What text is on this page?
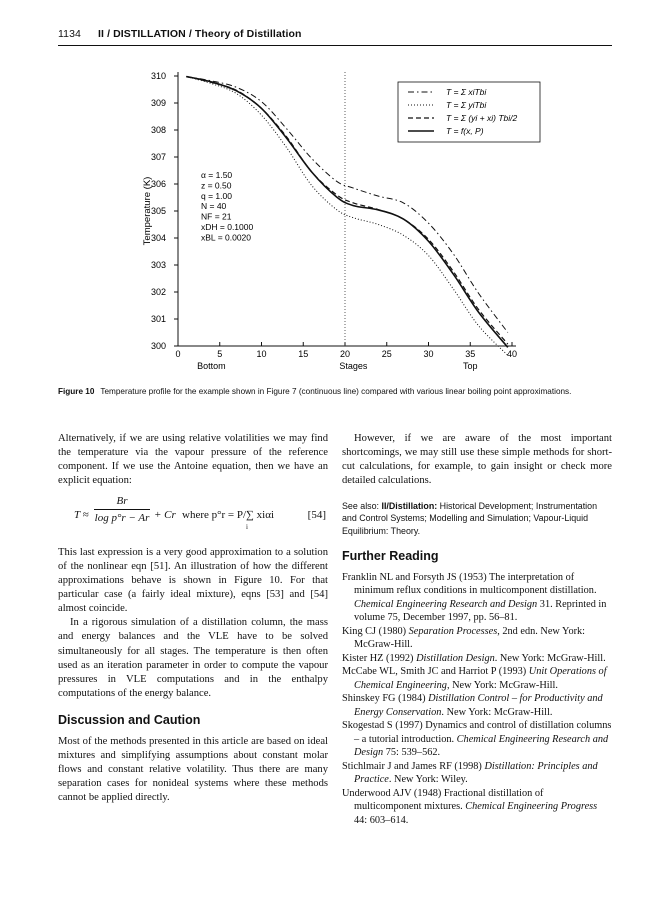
1134 II / DISTILLATION / Theory of Distillation
300
301
302
303
304
305
306
307
308
309
310
0	5	10	15	20	25	30	35	40
Temperature (K)
T = Σ xiTbi
T = Σ yiTbi
T = Σ (yi + xi) Tbi/2
T = f(x, P)
α = 1.50
z = 0.50
q = 1.00
N = 40
NF = 21
xDH = 0.1000
xBL = 0.0020
Bottom	Stages	Top
Figure 10 Temperature profile for the example shown in Figure 7 (continuous line) compared with various linear boiling point approximations.

Alternatively, if we are using relative volatilities we may find the temperature via the vapour pressure of the reference component. If we use the Antoine equation, then we have an explicit equation:

$T \approx \frac{Br}{\text{log p°r − Ar}} + Cr$ where p°r = P/∑ xiαi
i
[54]

This last expression is a very good approximation to a solution of the nonlinear eqn [51]. An illustration of how the different approximations behave is shown in Figure 10. For that particular case (a fairly ideal mixture), eqns [53] and [54] almost coincide.

In a rigorous simulation of a distillation column, the mass and energy balances and the VLE have to be solved simultaneously for all stages. The temperature is then often used as an iteration parameter in order to compute the vapour pressures in VLE computations and in the enthalpy computations of the energy balance.

Discussion and Caution

Most of the methods presented in this article are based on ideal mixtures and simplifying assumptions about constant molar flows and constant relative volatility. Thus there are many separation cases for nonideal systems where these methods cannot be applied directly.

However, if we are aware of the most important shortcomings, we may still use these simple methods for short-cut calculations, for example, to gain insight or check more detailed calculations.

See also: II/Distillation: Historical Development; Instrumentation and Control Systems; Modelling and Simulation; Vapour-Liquid Equilibrium: Theory.
Further Reading
Franklin NL and Forsyth JS (1953) The interpretation of minimum reflux conditions in multicomponent distillation. Chemical Engineering Research and Design 31. Reprinted in volume 75, December 1997, pp. 56–81.
King CJ (1980) Separation Processes, 2nd edn. New York: McGraw-Hill.
Kister HZ (1992) Distillation Design. New York: McGraw-Hill.
McCabe WL, Smith JC and Harriot P (1993) Unit Operations of Chemical Engineering, New York: McGraw-Hill.
Shinskey FG (1984) Distillation Control – for Productivity and Energy Conservation. New York: McGraw-Hill.
Skogestad S (1997) Dynamics and control of distillation columns – a tutorial introduction. Chemical Engineering Research and Design 75: 539–562.
Stichlmair J and James RF (1998) Distillation: Principles and Practice. New York: Wiley.
Underwood AJV (1948) Fractional distillation of multicomponent mixtures. Chemical Engineering Progress 44: 603–614.
